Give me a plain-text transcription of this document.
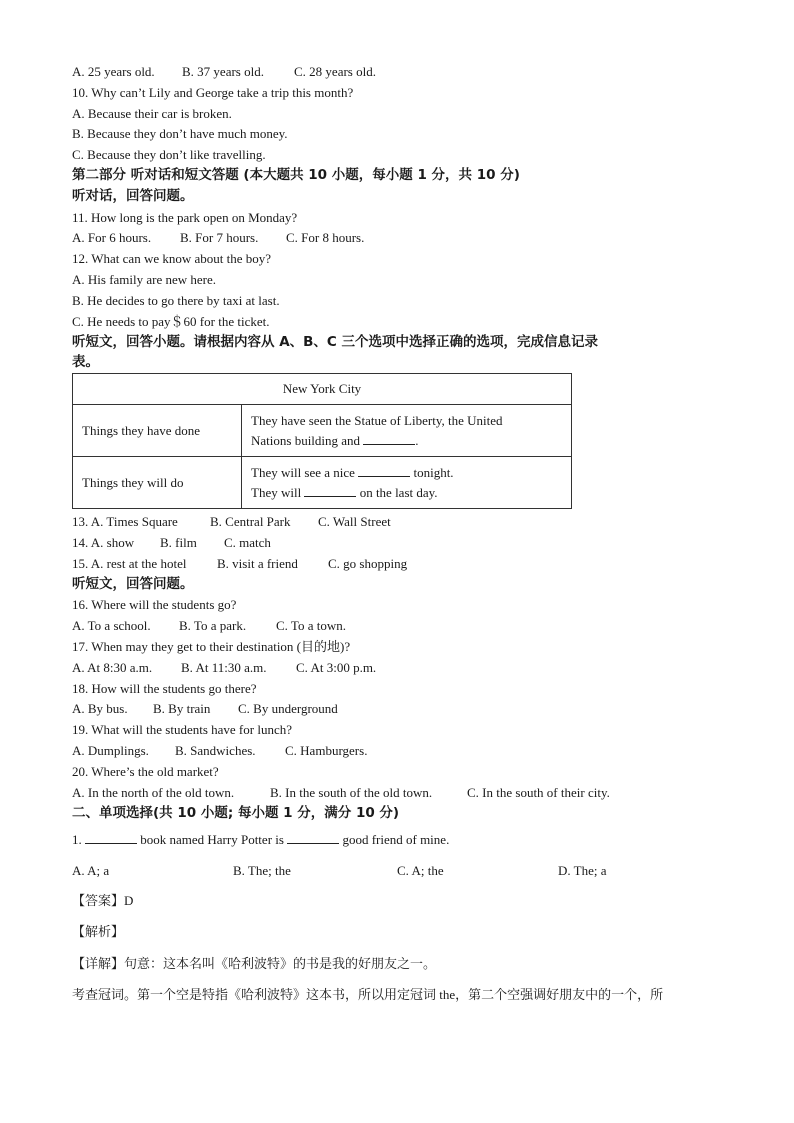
A. 25 years old. B. 37 years old. C. 28 years old.
10. Why can’t Lily and George take a trip this month?
A. Because their car is broken.
B. Because they don’t have much money.
C. Because they don’t like travelling.
第二部分 听对话和短文答题 (本大题共 10 小题，每小题 1 分，共 10 分)
听对话，回答问题。
11. How long is the park open on Monday?
A. For 6 hours. B. For 7 hours. C. For 8 hours.
12. What can we know about the boy?
A. His family are new here.
B. He decides to go there by taxi at last.
C. He needs to pay＄60 for the ticket.
听短文，回答小题。请根据内容从 A、B、C 三个选项中选择正确的选项，完成信息记录
表。
New York City	
Things they have done	They have seen the Statue of Liberty, the United
Nations building and .

Things they will do	They will see a nice tonight.
They will on the last day.
13. A. Times Square B. Central Park C. Wall Street
14. A. show B. film C. match
15. A. rest at the hotel B. visit a friend C. go shopping
听短文，回答问题。
16. Where will the students go?
A. To a school. B. To a park. C. To a town.
17. When may they get to their destination (目的地)?
A. At 8:30 a.m. B. At 11:30 a.m. C. At 3:00 p.m.
18. How will the students go there?
A. By bus. B. By train C. By underground
19. What will the students have for lunch?
A. Dumplings. B. Sandwiches. C. Hamburgers.
20. Where’s the old market?
A. In the north of the old town.	B. In the south of the old town.	C. In the south of their city.
二、单项选择(共 10 小题; 每小题 1 分，满分 10 分)
1.	book named Harry Potter is	good friend of mine.
A. A; a	B. The; the	C. A; the	D. The; a
【答案】D
【解析】
【详解】句意：这本名叫《哈利波特》的书是我的好朋友之一。
考查冠词。第一个空是特指《哈利波特》这本书，所以用定冠词 the，第二个空强调好朋友中的一个，所
